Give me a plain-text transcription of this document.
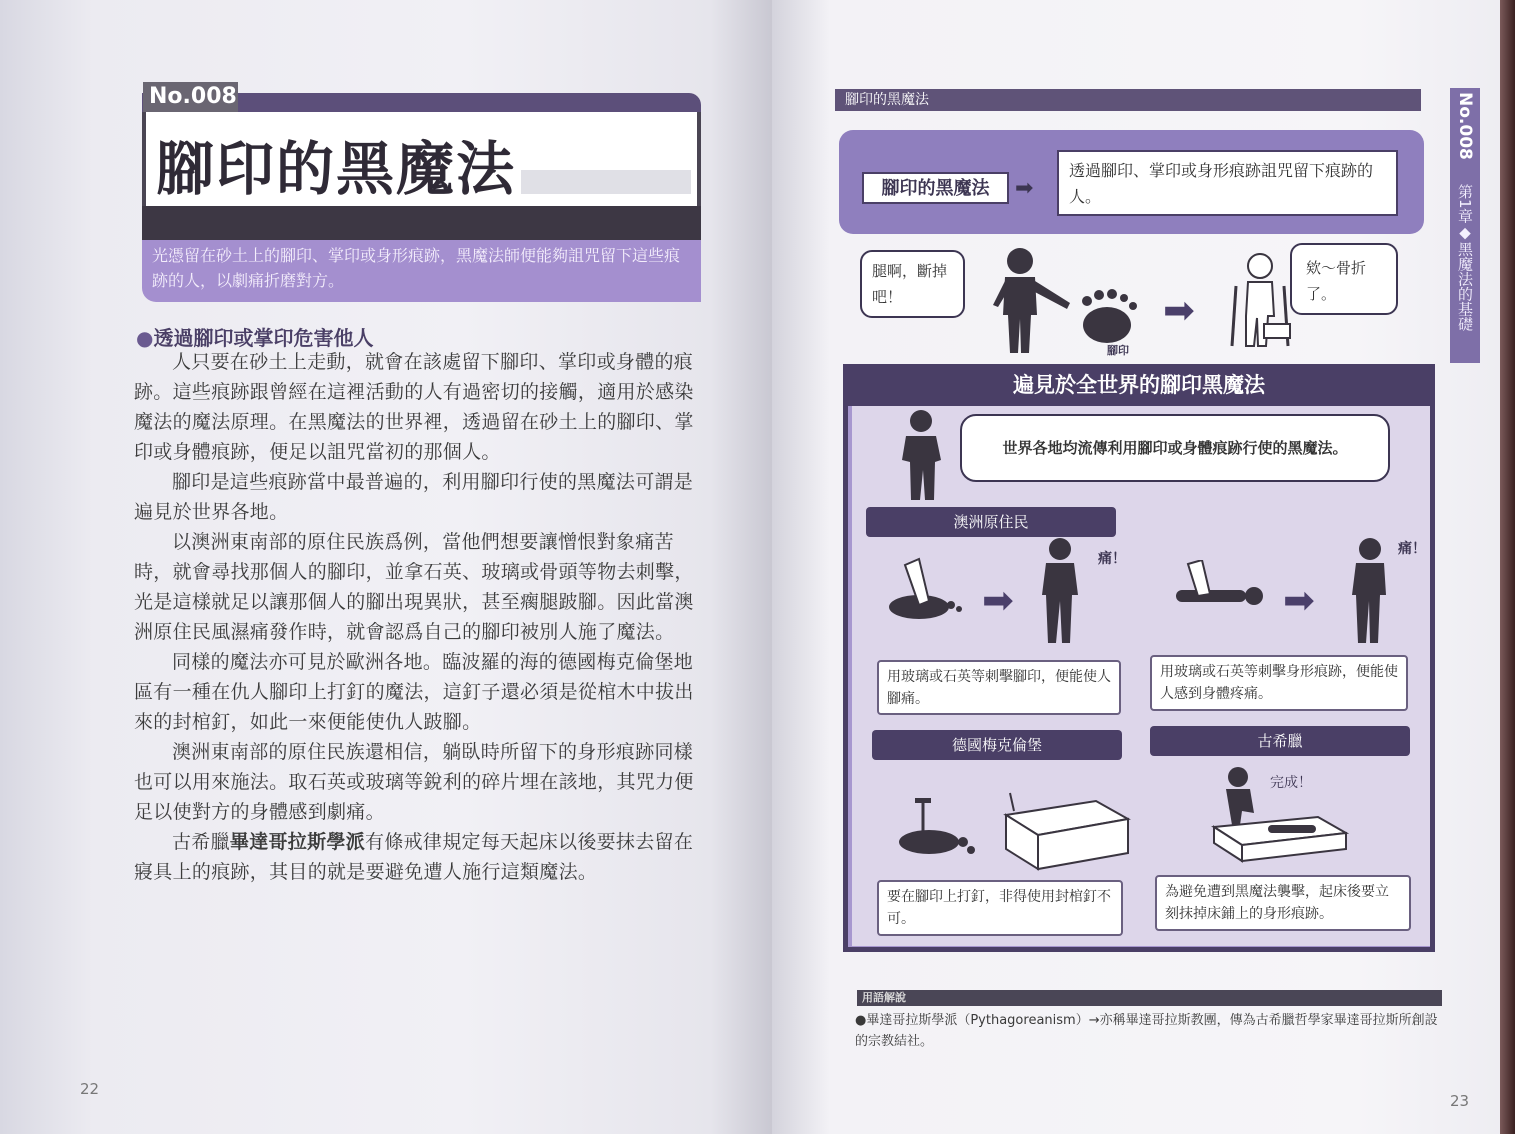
No.008
腳印的黑魔法
光憑留在砂土上的腳印、掌印或身形痕跡，黑魔法師便能夠詛咒留下這些痕跡的人，以劇痛折磨對方。
●透過腳印或掌印危害他人

人只要在砂土上走動，就會在該處留下腳印、掌印或身體的痕跡。這些痕跡跟曾經在這裡活動的人有過密切的接觸，適用於感染魔法的魔法原理。在黑魔法的世界裡，透過留在砂土上的腳印、掌印或身體痕跡，便足以詛咒當初的那個人。

腳印是這些痕跡當中最普遍的，利用腳印行使的黑魔法可謂是遍見於世界各地。

以澳洲東南部的原住民族爲例，當他們想要讓憎恨對象痛苦時，就會尋找那個人的腳印，並拿石英、玻璃或骨頭等物去刺擊，光是這樣就足以讓那個人的腳出現異狀，甚至瘸腿跛腳。因此當澳洲原住民風濕痛發作時，就會認爲自己的腳印被別人施了魔法。

同樣的魔法亦可見於歐洲各地。臨波羅的海的德國梅克倫堡地區有一種在仇人腳印上打釘的魔法，這釘子還必須是從棺木中拔出來的封棺釘，如此一來便能使仇人跛腳。

澳洲東南部的原住民族還相信，躺臥時所留下的身形痕跡同樣也可以用來施法。取石英或玻璃等銳利的碎片埋在該地，其咒力便足以使對方的身體感到劇痛。

古希臘畢達哥拉斯學派有條戒律規定每天起床以後要抹去留在寢具上的痕跡，其目的就是要避免遭人施行這類魔法。

22
腳印的黑魔法
腳印的黑魔法	➡
透過腳印、掌印或身形痕跡詛咒留下痕跡的人。
腿啊，斷掉吧！
腳印
➡
欸～骨折了。
遍見於全世界的腳印黑魔法
世界各地均流傳利用腳印或身體痕跡行使的黑魔法。
澳洲原住民
➡
痛！
用玻璃或石英等刺擊腳印，便能使人腳痛。
➡
痛！
用玻璃或石英等刺擊身形痕跡，便能使人感到身體疼痛。
德國梅克倫堡
要在腳印上打釘，非得使用封棺釘不可。
古希臘
完成！
為避免遭到黑魔法襲擊，起床後要立刻抹掉床鋪上的身形痕跡。
用語解說
●畢達哥拉斯學派（Pythagoreanism）→亦稱畢達哥拉斯教團，傳為古希臘哲學家畢達哥拉斯所創設的宗教結社。
No.008
第1章◆黑魔法的基礎
23
